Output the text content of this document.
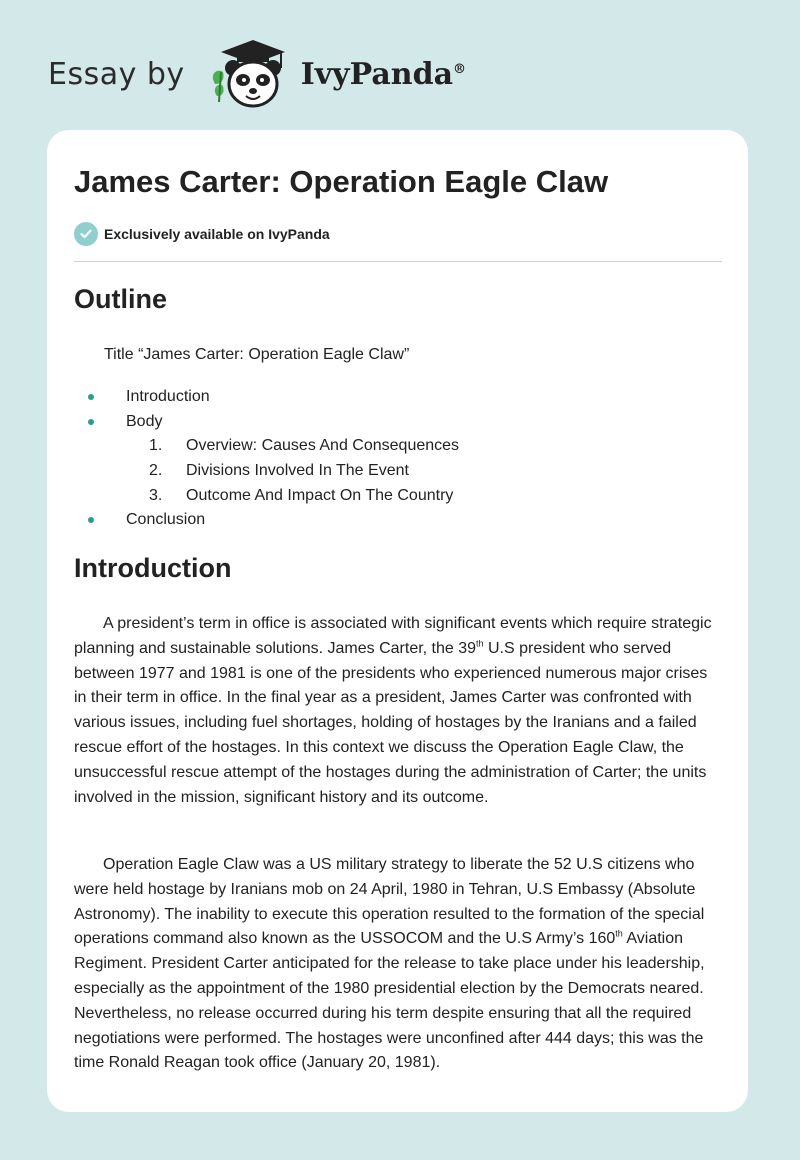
Essay by	IvyPanda®
James Carter: Operation Eagle Claw
Exclusively available on IvyPanda
Outline
Title “James Carter: Operation Eagle Claw”
Introduction
Body
1. Overview: Causes And Consequences
2. Divisions Involved In The Event
3. Outcome And Impact On The Country
Conclusion
Introduction

A president’s term in office is associated with significant events which require strategic planning and sustainable solutions. James Carter, the 39th U.S president who served between 1977 and 1981 is one of the presidents who experienced numerous major crises in their term in office. In the final year as a president, James Carter was confronted with various issues, including fuel shortages, holding of hostages by the Iranians and a failed rescue effort of the hostages. In this context we discuss the Operation Eagle Claw, the unsuccessful rescue attempt of the hostages during the administration of Carter; the units involved in the mission, significant history and its outcome.

Operation Eagle Claw was a US military strategy to liberate the 52 U.S citizens who were held hostage by Iranians mob on 24 April, 1980 in Tehran, U.S Embassy (Absolute Astronomy). The inability to execute this operation resulted to the formation of the special operations command also known as the USSOCOM and the U.S Army’s 160th Aviation Regiment. President Carter anticipated for the release to take place under his leadership, especially as the appointment of the 1980 presidential election by the Democrats neared. Nevertheless, no release occurred during his term despite ensuring that all the required negotiations were performed. The hostages were unconfined after 444 days; this was the time Ronald Reagan took office (January 20, 1981).
